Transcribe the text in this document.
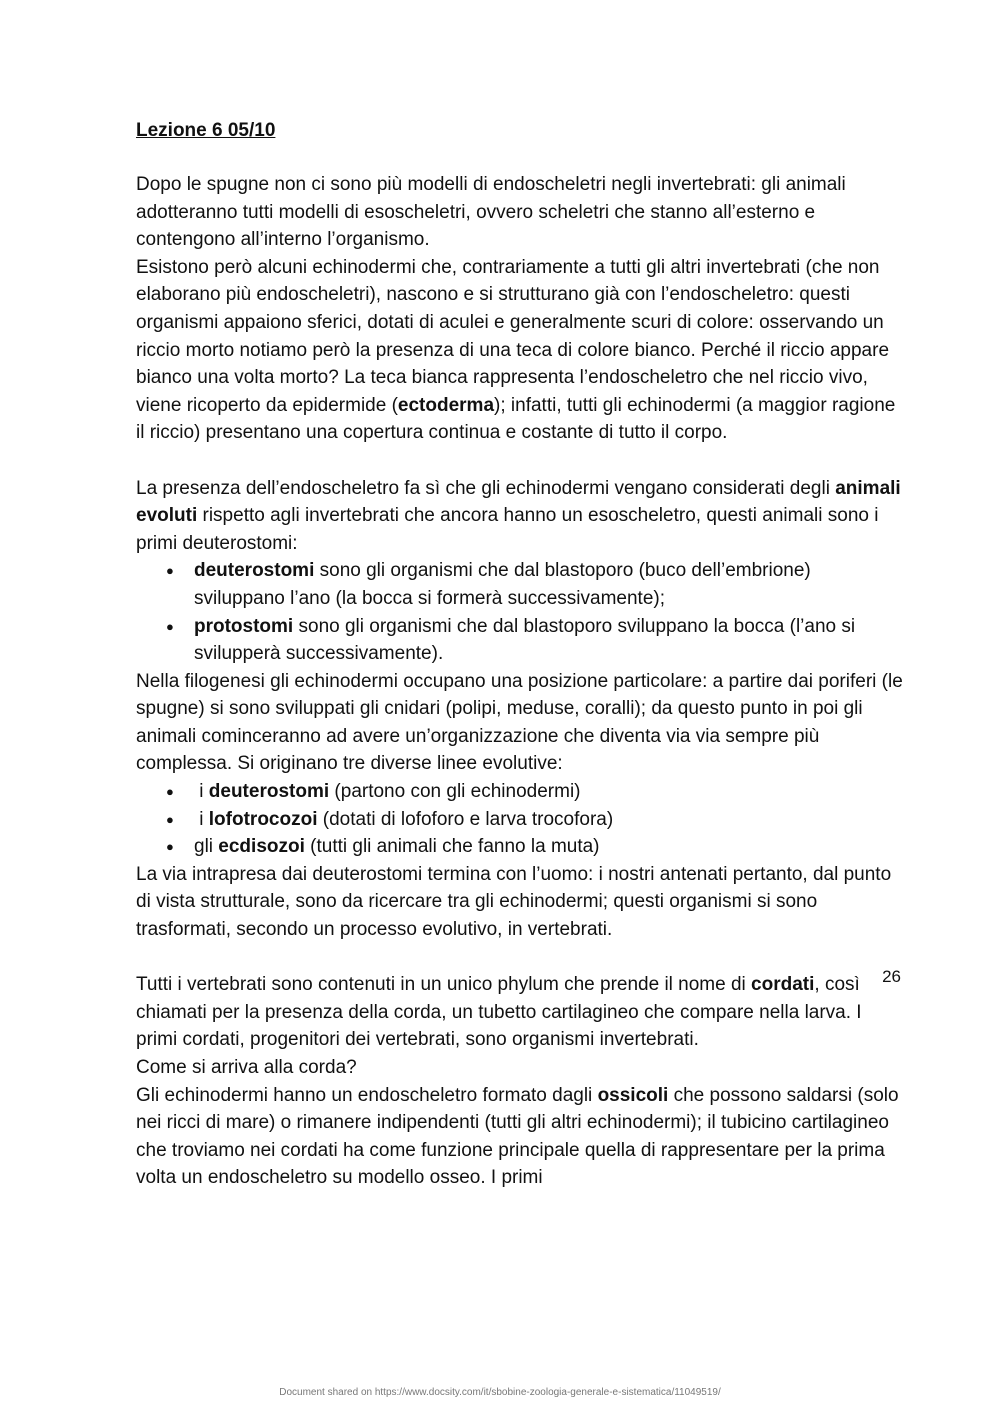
Lezione 6 05/10

Dopo le spugne non ci sono più modelli di endoscheletri negli invertebrati: gli animali adotteranno tutti modelli di esoscheletri, ovvero scheletri che stanno all’esterno e contengono all’interno l’organismo.

Esistono però alcuni echinodermi che, contrariamente a tutti gli altri invertebrati (che non elaborano più endoscheletri), nascono e si strutturano già con l’endoscheletro: questi organismi appaiono sferici, dotati di aculei e generalmente scuri di colore: osservando un riccio morto notiamo però la presenza di una teca di colore bianco. Perché il riccio appare bianco una volta morto? La teca bianca rappresenta l’endoscheletro che nel riccio vivo, viene ricoperto da epidermide (ectoderma); infatti, tutti gli echinodermi (a maggior ragione il riccio) presentano una copertura continua e costante di tutto il corpo.

La presenza dell’endoscheletro fa sì che gli echinodermi vengano considerati degli animali evoluti rispetto agli invertebrati che ancora hanno un esoscheletro, questi animali sono i primi deuterostomi:

● deuterostomi sono gli organismi che dal blastoporo (buco dell’embrione) sviluppano l’ano (la bocca si formerà successivamente);
● protostomi sono gli organismi che dal blastoporo sviluppano la bocca (l’ano si svilupperà successivamente).

Nella filogenesi gli echinodermi occupano una posizione particolare: a partire dai poriferi (le spugne) si sono sviluppati gli cnidari (polipi, meduse, coralli); da questo punto in poi gli animali cominceranno ad avere un’organizzazione che diventa via via sempre più complessa. Si originano tre diverse linee evolutive:

●  i deuterostomi (partono con gli echinodermi)
●  i lofotrocozoi (dotati di lofoforo e larva trocofora)
● gli ecdisozoi (tutti gli animali che fanno la muta)

La via intrapresa dai deuterostomi termina con l’uomo: i nostri antenati pertanto, dal punto di vista strutturale, sono da ricercare tra gli echinodermi; questi organismi si sono trasformati, secondo un processo evolutivo, in vertebrati.

Tutti i vertebrati sono contenuti in un unico phylum che prende il nome di cordati, così chiamati per la presenza della corda, un tubetto cartilagineo che compare nella larva. I primi cordati, progenitori dei vertebrati, sono organismi invertebrati.

Come si arriva alla corda?

Gli echinodermi hanno un endoscheletro formato dagli ossicoli che possono saldarsi (solo nei ricci di mare) o rimanere indipendenti (tutti gli altri echinodermi); il tubicino cartilagineo che troviamo nei cordati ha come funzione principale quella di rappresentare per la prima volta un endoscheletro su modello osseo. I primi

26
Document shared on https://www.docsity.com/it/sbobine-zoologia-generale-e-sistematica/11049519/
